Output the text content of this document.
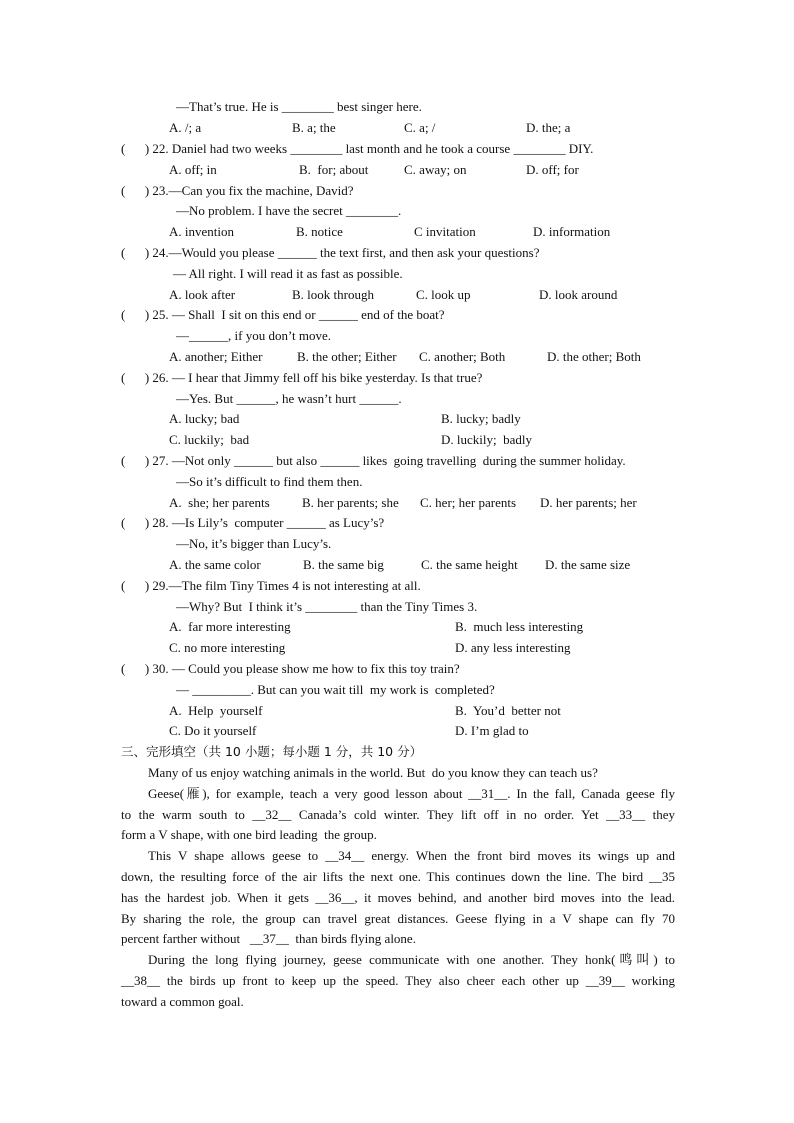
—That’s true. He is ________ best singer here.
A. /; a	B. a; the	C. a; /	D. the; a
(      ) 22. Daniel had two weeks ________ last month and he took a course ________ DIY.
A. off; in	B.  for; about	C. away; on	D. off; for
(      ) 23.—Can you fix the machine, David?
—No problem. I have the secret ________.
A. invention	B. notice	C invitation	D. information
(      ) 24.—Would you please ______ the text first, and then ask your questions?
— All right. I will read it as fast as possible.
A. look after	B. look through	C. look up	D. look around
(      ) 25. — Shall  I sit on this end or ______ end of the boat?
—______, if you don’t move.
A. another; Either	B. the other; Either C. another; Both	D. the other; Both
(      ) 26. — I hear that Jimmy fell off his bike yesterday. Is that true?
—Yes. But ______, he wasn’t hurt ______.
A. lucky; bad	B. lucky; badly
C. luckily;  bad	D. luckily;  badly
(      ) 27. —Not only ______ but also ______ likes  going travelling  during the summer holiday.
—So it’s difficult to find them then.
A.  she; her parents B. her parents; she C. her; her parents D. her parents; her
(      ) 28. —Is Lily’s  computer ______ as Lucy’s?
—No, it’s bigger than Lucy’s.
A. the same color	B. the same big	C. the same height D. the same size
(      ) 29.—The film Tiny Times 4 is not interesting at all.
—Why? But  I think it’s ________ than the Tiny Times 3.
A.  far more interesting	B.  much less interesting
C. no more interesting	D. any less interesting
(      ) 30. — Could you please show me how to fix this toy train?
— _________. But can you wait till  my work is  completed?
A.  Help  yourself	B.  You’d  better not
C. Do it yourself	D. I’m glad to
三、完形填空（共 10 小题；每小题 1 分，共 10 分）
Many of us enjoy watching animals in the world. But  do you know they can teach us?
Geese(雁), for example, teach a very good lesson about __31__. In the fall, Canada geese fly
to the warm south to __32__ Canada’s cold winter. They lift off in no order. Yet __33__ they
form a V shape, with one bird leading  the group.
This V shape allows geese to __34__ energy. When the front bird moves its wings up and
down, the resulting force of the air lifts the next one. This continues down the line. The bird __35
has the hardest job. When it gets __36__, it moves behind, and another bird moves into the lead.
By sharing the role, the group can travel great distances. Geese flying in a V shape can fly 70
percent farther without   __37__  than birds flying alone.
During the long flying journey, geese communicate with one another. They honk(鸣叫) to
__38__ the birds up front to keep up the speed. They also cheer each other up __39__ working
toward a common goal.
